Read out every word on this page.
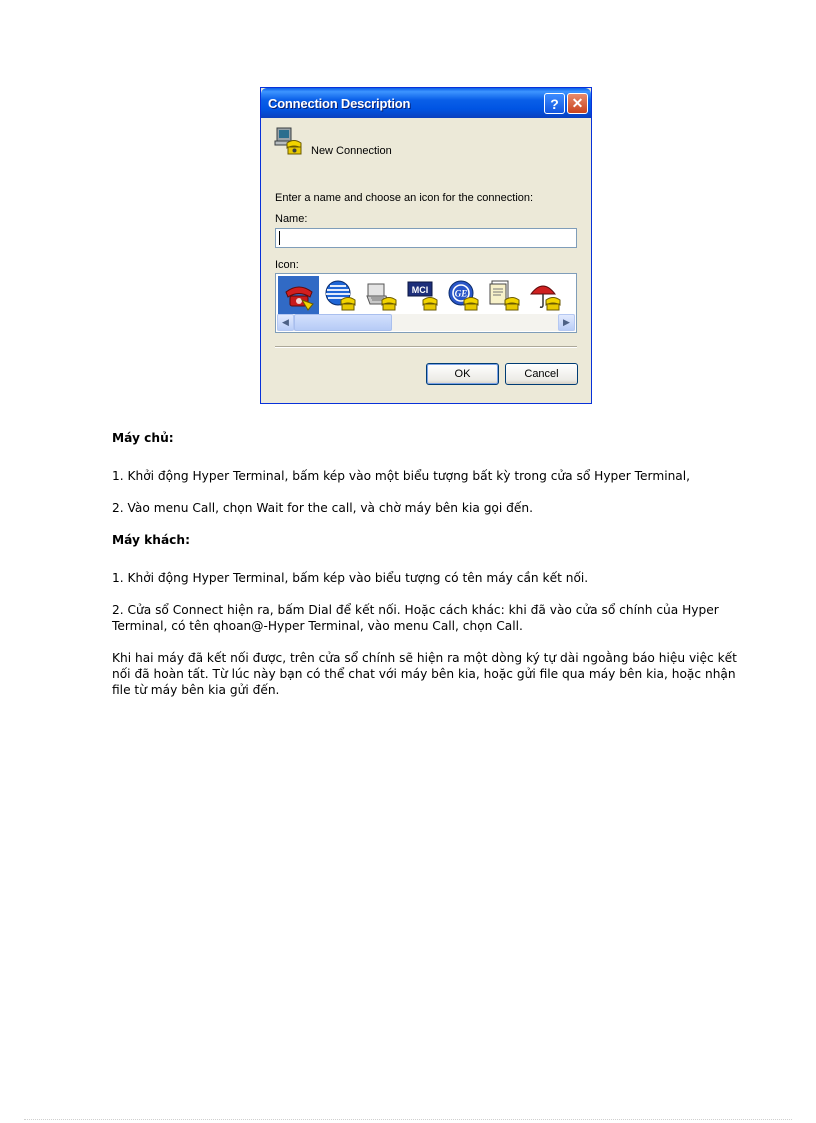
Connection Description	? ✕
New Connection
Enter a name and choose an icon for the connection:
Name:
Icon:
MCI	GE
◀	▶
OK	Cancel
Máy chủ:

1. Khởi động Hyper Terminal, bấm kép vào một biểu tượng bất kỳ trong cửa sổ Hyper Terminal,

2. Vào menu Call, chọn Wait for the call, và chờ máy bên kia gọi đến.

Máy khách:

1. Khởi động Hyper Terminal, bấm kép vào biểu tượng có tên máy cần kết nối.

2. Cửa sổ Connect hiện ra, bấm Dial để kết nối. Hoặc cách khác: khi đã vào cửa sổ chính của Hyper Terminal, có tên qhoan@-Hyper Terminal, vào menu Call, chọn Call.

Khi hai máy đã kết nối được, trên cửa sổ chính sẽ hiện ra một dòng ký tự dài ngoằng báo hiệu việc kết nối đã hoàn tất. Từ lúc này bạn có thể chat với máy bên kia, hoặc gửi file qua máy bên kia, hoặc nhận file từ máy bên kia gửi đến.
